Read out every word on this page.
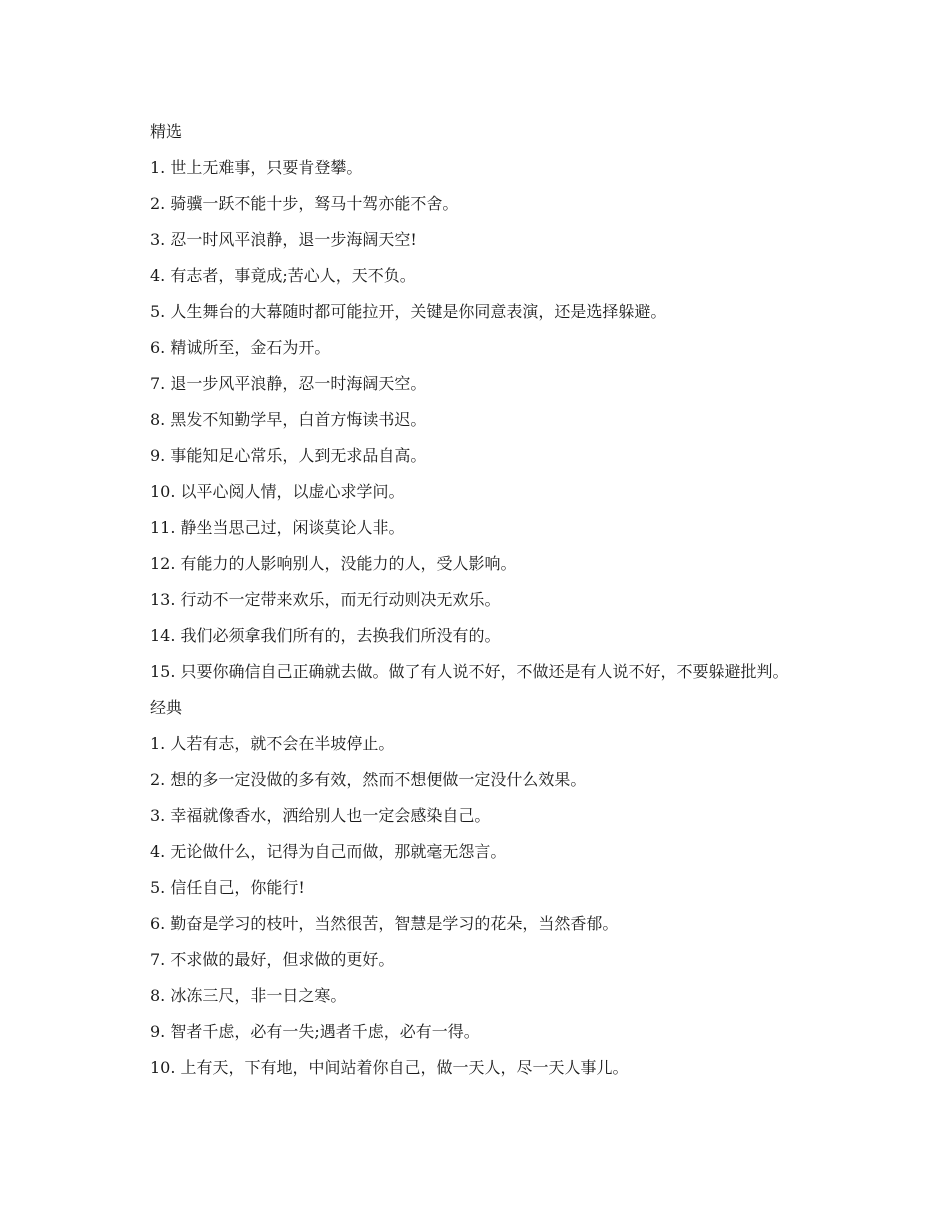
精选

1. 世上无难事，只要肯登攀。

2. 骑骥一跃不能十步，驽马十驾亦能不舍。

3. 忍一时风平浪静，退一步海阔天空!

4. 有志者，事竟成;苦心人，天不负。

5. 人生舞台的大幕随时都可能拉开，关键是你同意表演，还是选择躲避。

6. 精诚所至，金石为开。

7. 退一步风平浪静，忍一时海阔天空。

8. 黑发不知勤学早，白首方悔读书迟。

9. 事能知足心常乐，人到无求品自高。

10. 以平心阅人情，以虚心求学问。

11. 静坐当思己过，闲谈莫论人非。

12. 有能力的人影响别人，没能力的人，受人影响。

13. 行动不一定带来欢乐，而无行动则决无欢乐。

14. 我们必须拿我们所有的，去换我们所没有的。

15. 只要你确信自己正确就去做。做了有人说不好，不做还是有人说不好，不要躲避批判。

经典

1. 人若有志，就不会在半坡停止。

2. 想的多一定没做的多有效，然而不想便做一定没什么效果。

3. 幸福就像香水，洒给别人也一定会感染自己。

4. 无论做什么，记得为自己而做，那就毫无怨言。

5. 信任自己，你能行!

6. 勤奋是学习的枝叶，当然很苦，智慧是学习的花朵，当然香郁。

7. 不求做的最好，但求做的更好。

8. 冰冻三尺，非一日之寒。

9. 智者千虑，必有一失;遇者千虑，必有一得。

10. 上有天，下有地，中间站着你自己，做一天人，尽一天人事儿。
